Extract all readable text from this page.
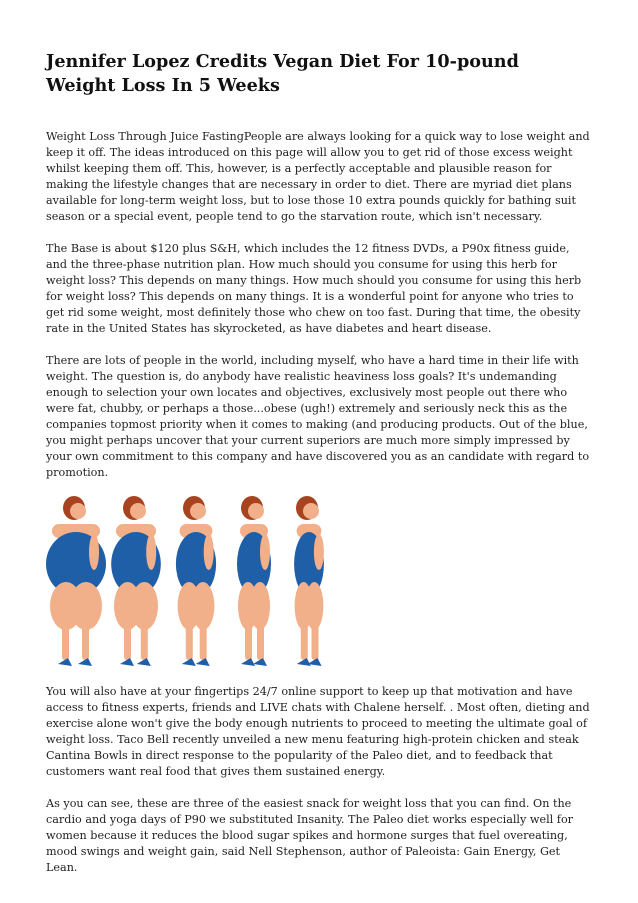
Jennifer Lopez Credits Vegan Diet For 10-pound Weight Loss In 5 Weeks

Weight Loss Through Juice FastingPeople are always looking for a quick way to lose weight and keep it off. The ideas introduced on this page will allow you to get rid of those excess weight whilst keeping them off. This, however, is a perfectly acceptable and plausible reason for making the lifestyle changes that are necessary in order to diet. There are myriad diet plans available for long-term weight loss, but to lose those 10 extra pounds quickly for bathing suit season or a special event, people tend to go the starvation route, which isn't necessary.

The Base is about $120 plus S&H, which includes the 12 fitness DVDs, a P90x fitness guide, and the three-phase nutrition plan. How much should you consume for using this herb for weight loss? This depends on many things. How much should you consume for using this herb for weight loss? This depends on many things. It is a wonderful point for anyone who tries to get rid some weight, most definitely those who chew on too fast. During that time, the obesity rate in the United States has skyrocketed, as have diabetes and heart disease.

There are lots of people in the world, including myself, who have a hard time in their life with weight. The question is, do anybody have realistic heaviness loss goals? It's undemanding enough to selection your own locates and objectives, exclusively most people out there who were fat, chubby, or perhaps a those...obese (ugh!) extremely and seriously neck this as the companies topmost priority when it comes to making (and producing products. Out of the blue, you might perhaps uncover that your current superiors are much more simply impressed by your own commitment to this company and have discovered you as an candidate with regard to promotion.

You will also have at your fingertips 24/7 online support to keep up that motivation and have access to fitness experts, friends and LIVE chats with Chalene herself. . Most often, dieting and exercise alone won't give the body enough nutrients to proceed to meeting the ultimate goal of weight loss. Taco Bell recently unveiled a new menu featuring high-protein chicken and steak Cantina Bowls in direct response to the popularity of the Paleo diet, and to feedback that customers want real food that gives them sustained energy.

As you can see, these are three of the easiest snack for weight loss that you can find. On the cardio and yoga days of P90 we substituted Insanity. The Paleo diet works especially well for women because it reduces the blood sugar spikes and hormone surges that fuel overeating, mood swings and weight gain, said Nell Stephenson, author of Paleoista: Gain Energy, Get Lean.
